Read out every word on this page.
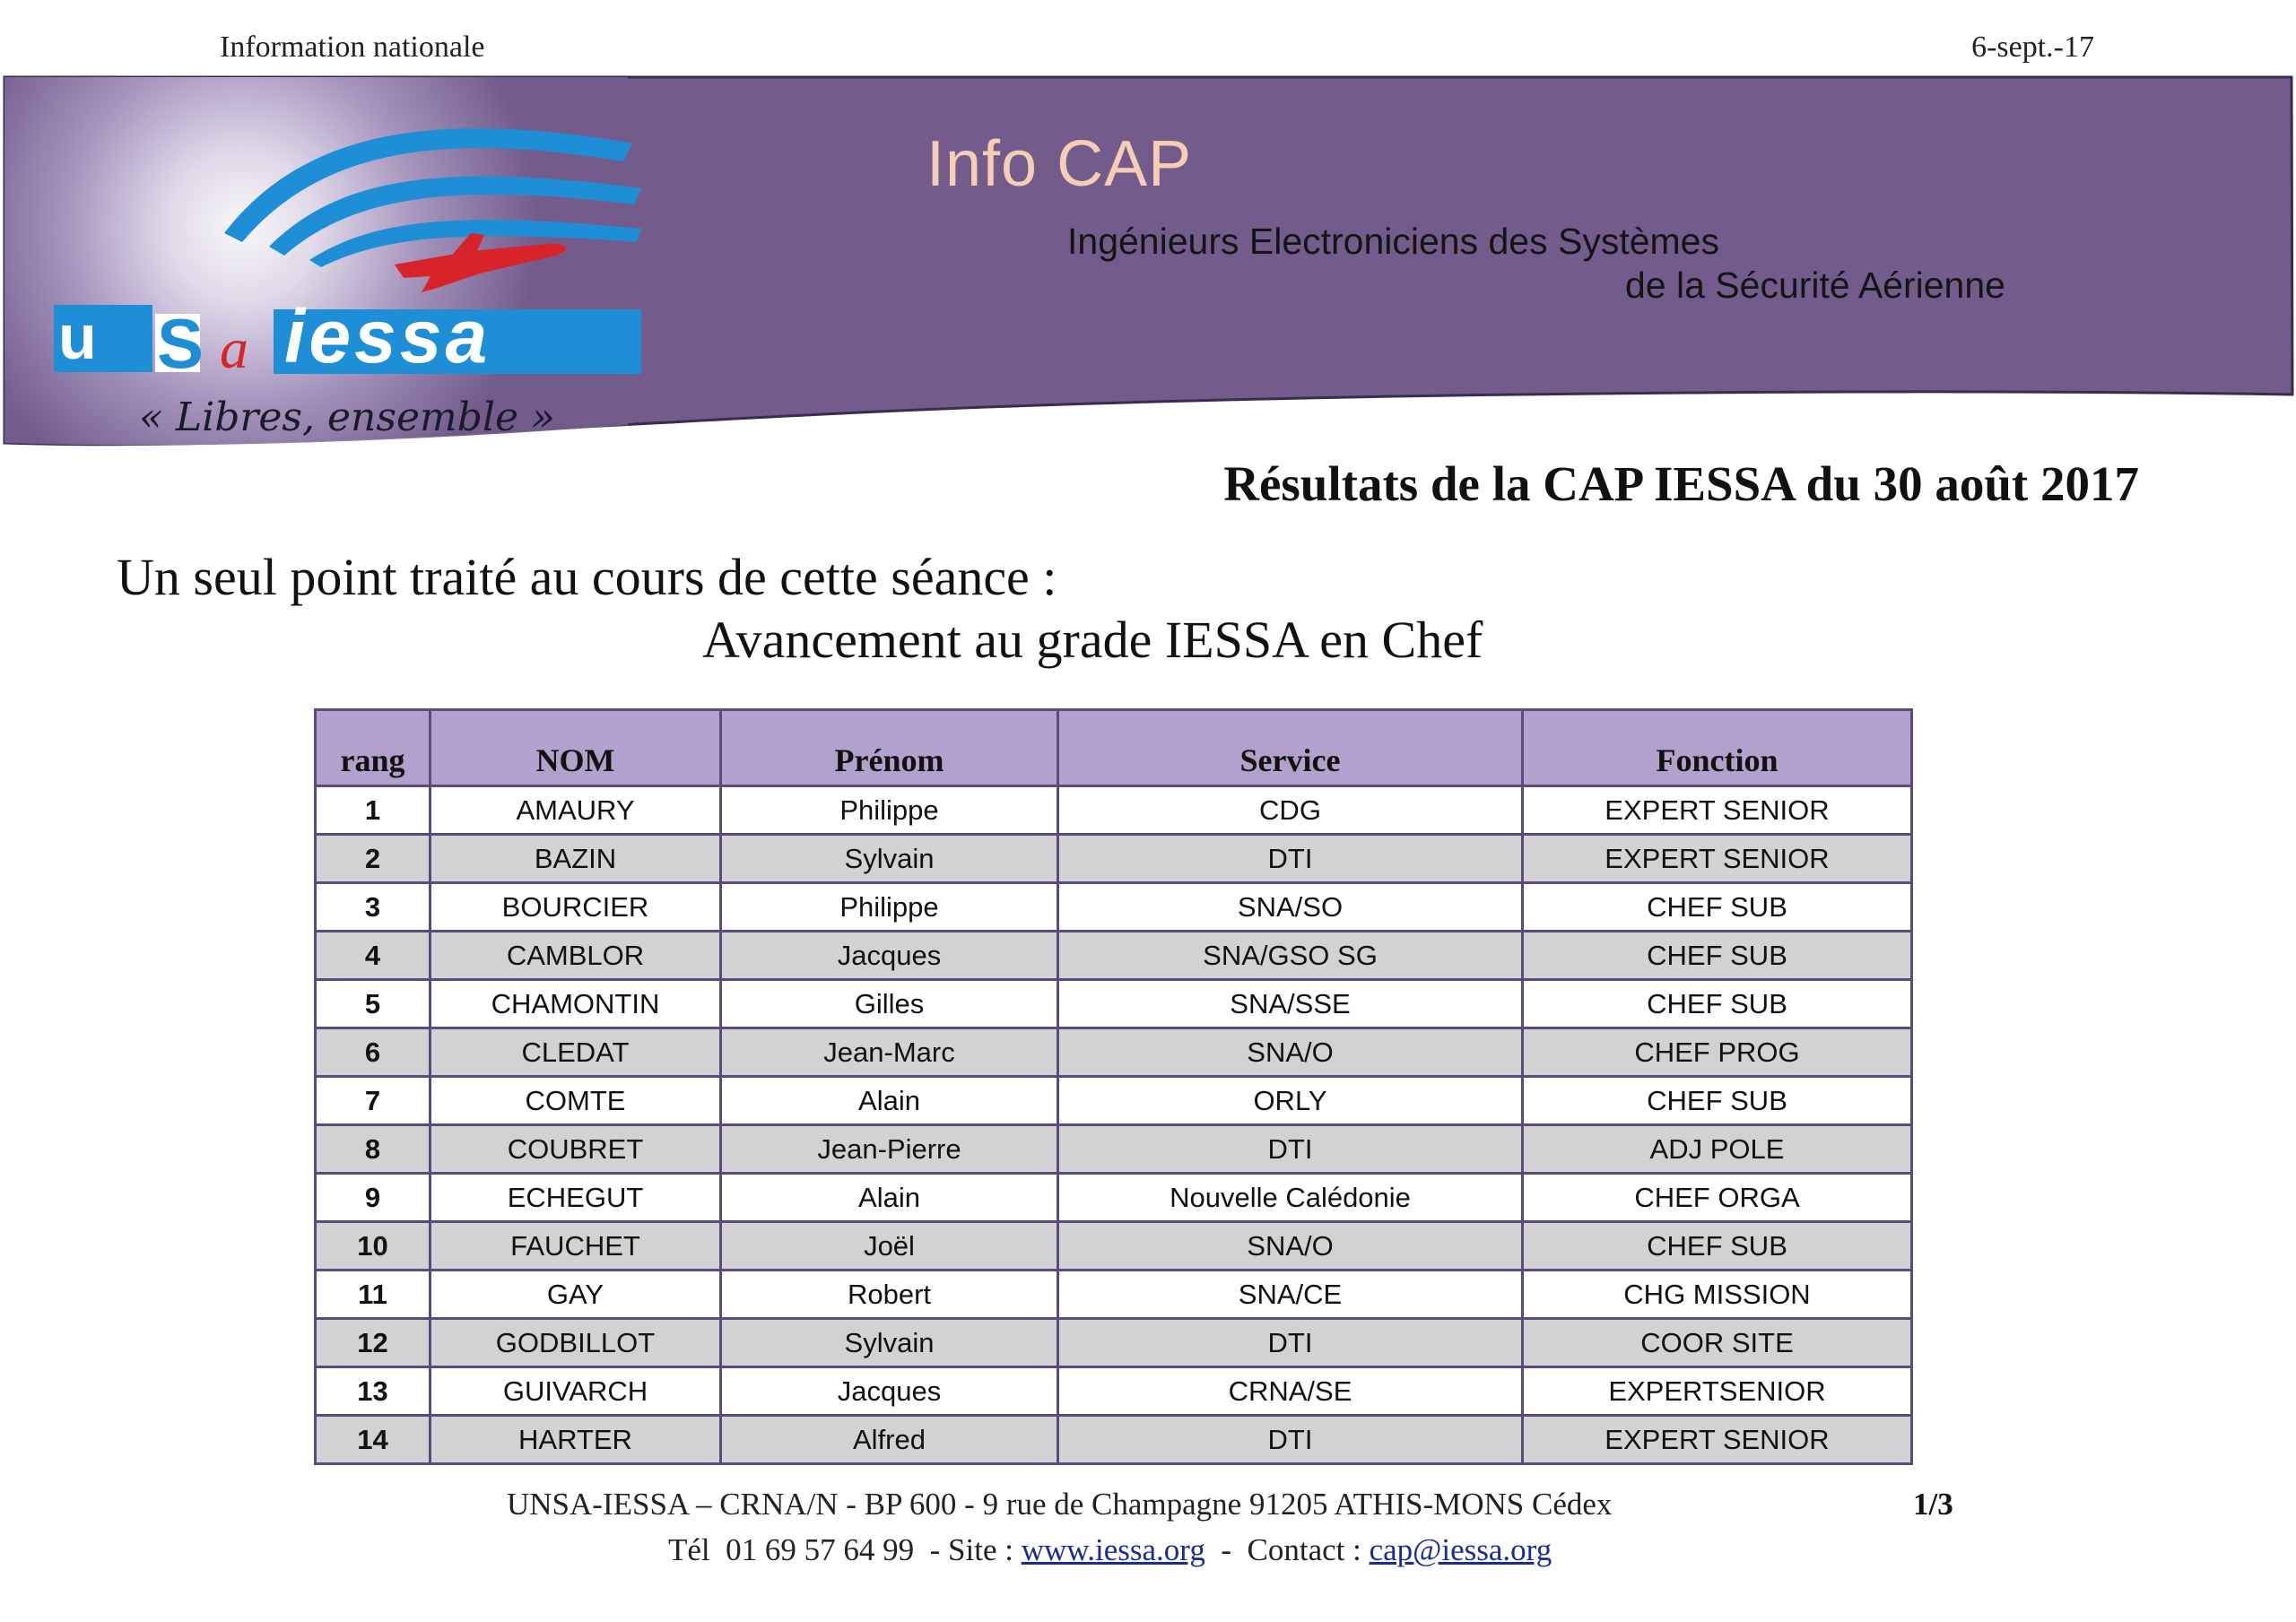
Information nationale	6-sept.-17
u N S a iessa
« Libres, ensemble »
Info CAP
Ingénieurs Electroniciens des Systèmes
de la Sécurité Aérienne
Résultats de la CAP IESSA du 30 août 2017
Un seul point traité au cours de cette séance :
Avancement au grade IESSA en Chef
rang	NOM	Prénom	Service	Fonction
1	AMAURY	Philippe	CDG	EXPERT SENIOR
2	BAZIN	Sylvain	DTI	EXPERT SENIOR
3	BOURCIER	Philippe	SNA/SO	CHEF SUB
4	CAMBLOR	Jacques	SNA/GSO SG	CHEF SUB
5	CHAMONTIN	Gilles	SNA/SSE	CHEF SUB
6	CLEDAT	Jean-Marc	SNA/O	CHEF PROG
7	COMTE	Alain	ORLY	CHEF SUB
8	COUBRET	Jean-Pierre	DTI	ADJ POLE
9	ECHEGUT	Alain	Nouvelle Calédonie	CHEF ORGA
10	FAUCHET	Joël	SNA/O	CHEF SUB
11	GAY	Robert	SNA/CE	CHG MISSION
12	GODBILLOT	Sylvain	DTI	COOR SITE
13	GUIVARCH	Jacques	CRNA/SE	EXPERTSENIOR
14	HARTER	Alfred	DTI	EXPERT SENIOR
UNSA-IESSA – CRNA/N - BP 600 - 9 rue de Champagne 91205 ATHIS-MONS Cédex	1/3
Tél  01 69 57 64 99  - Site : www.iessa.org  -  Contact : cap@iessa.org
